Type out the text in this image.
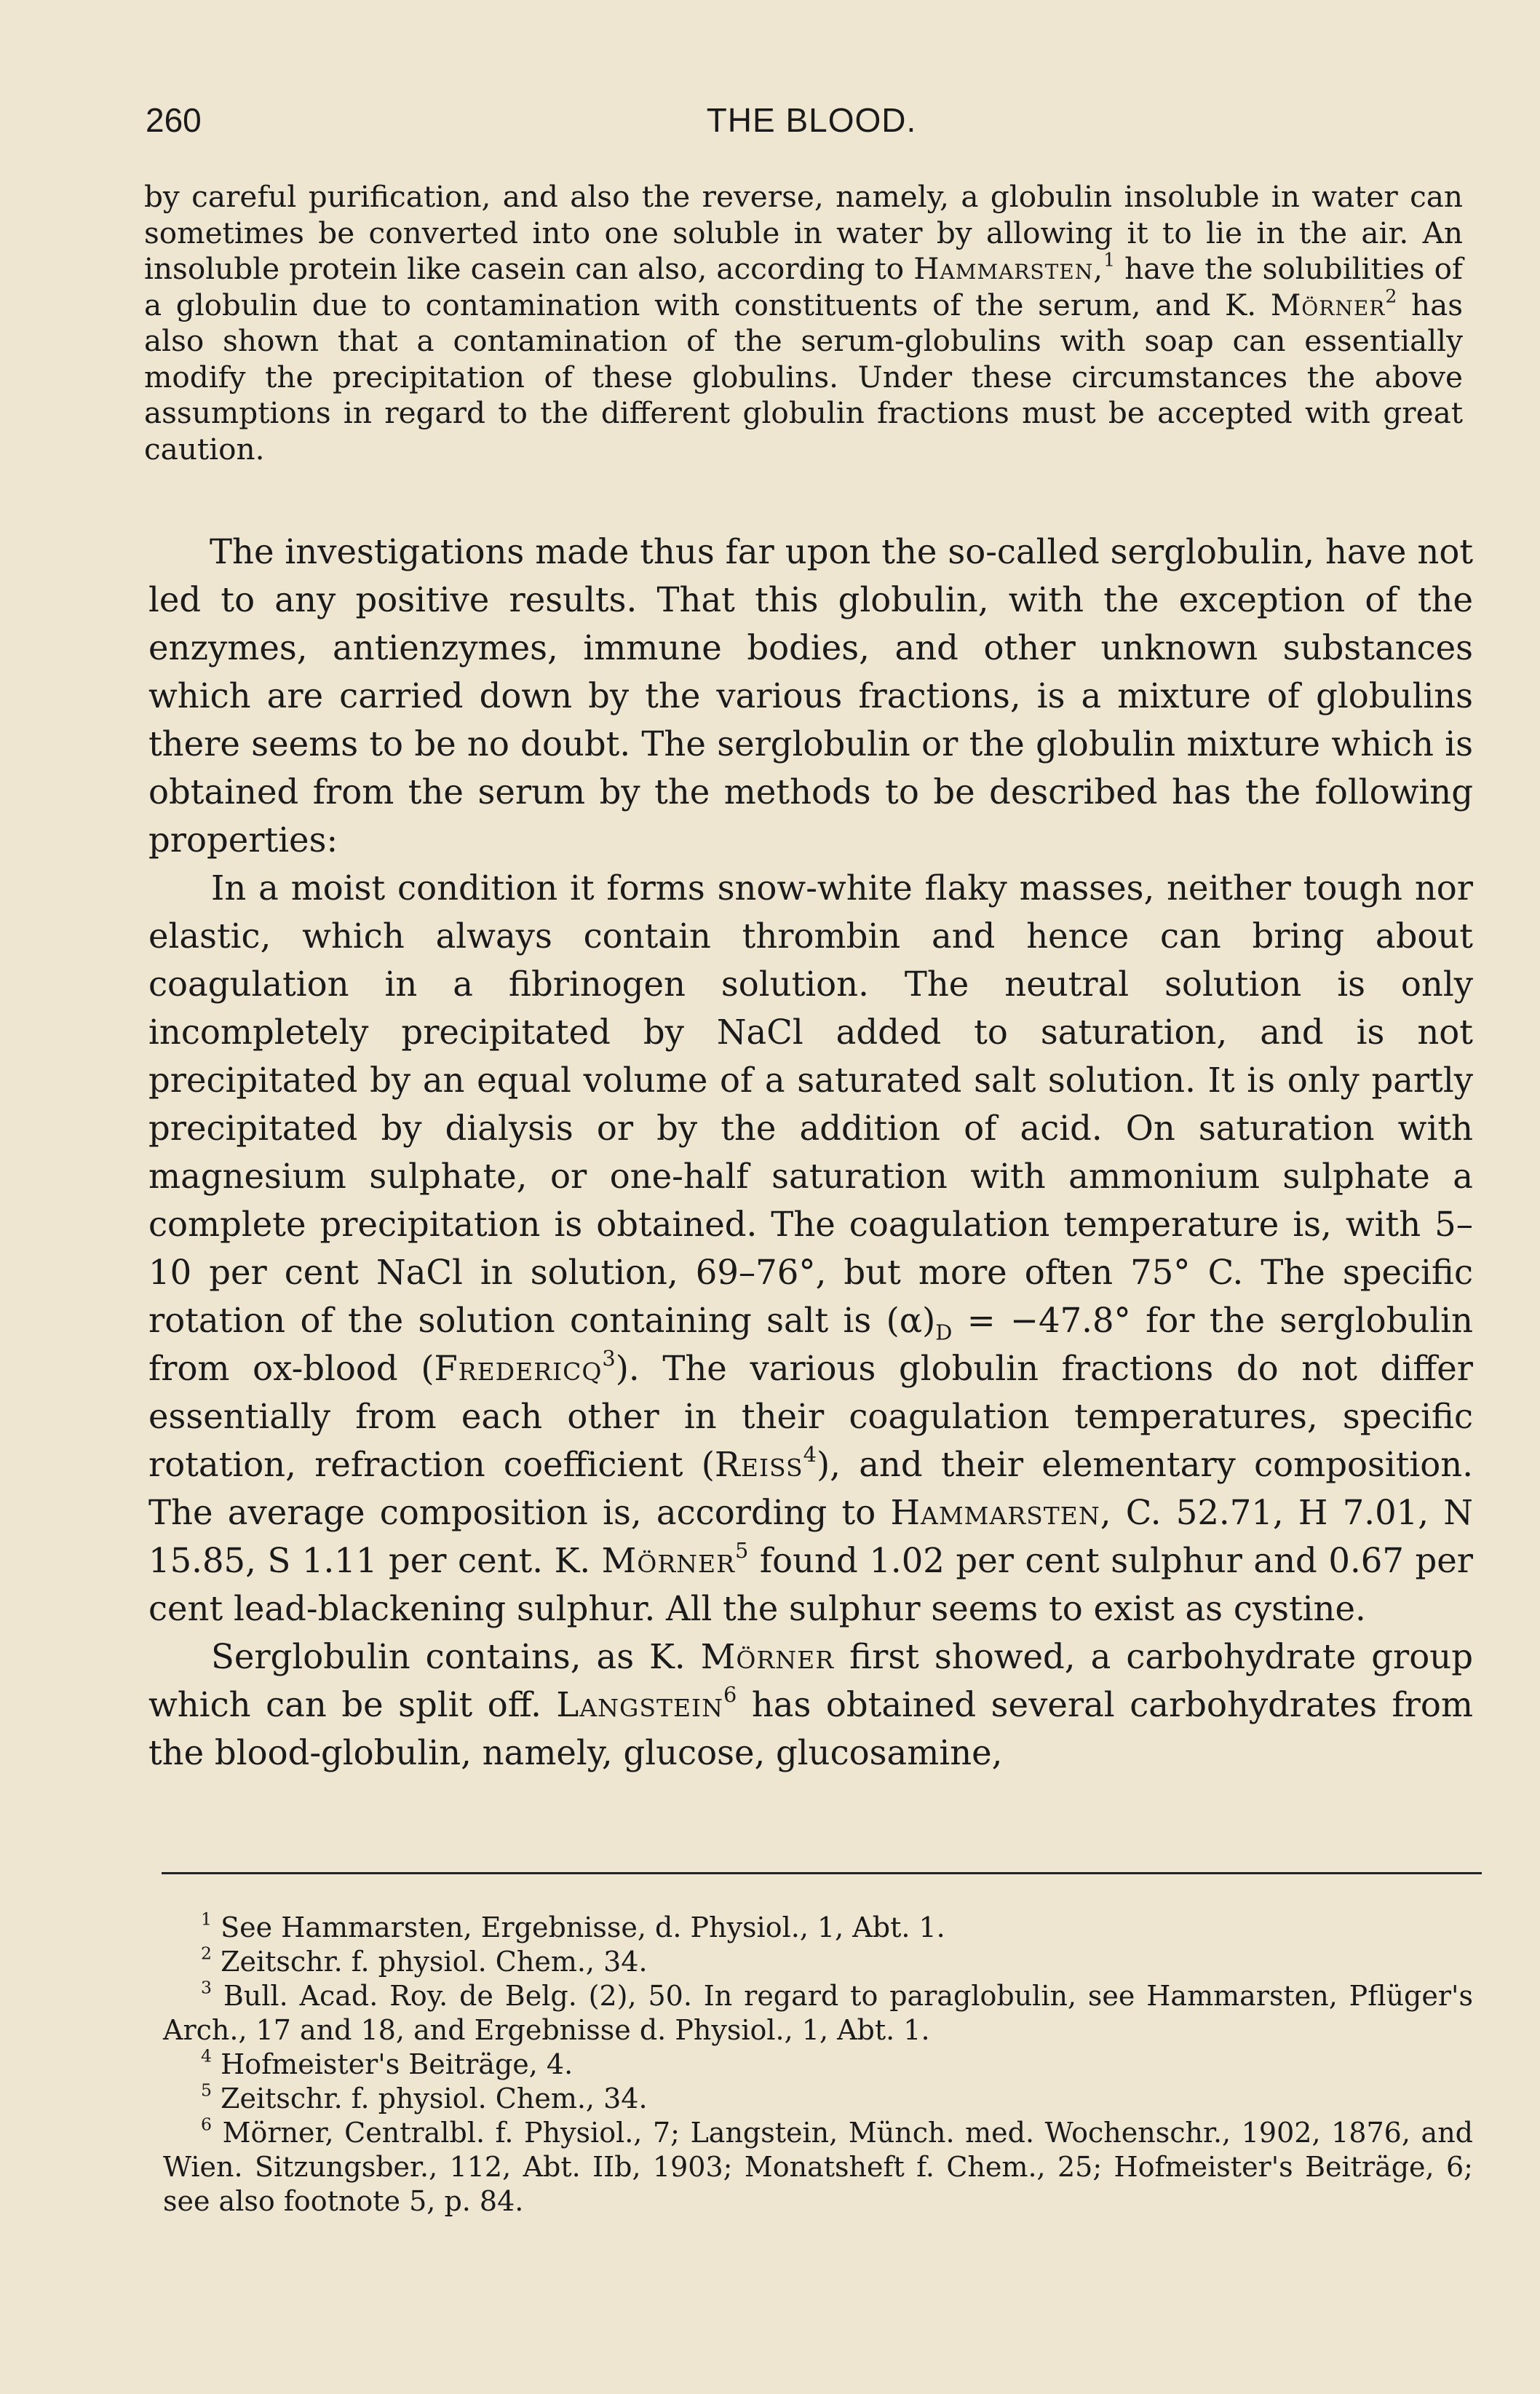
260	THE BLOOD.

by careful purification, and also the reverse, namely, a globulin insoluble in water can sometimes be converted into one soluble in water by allowing it to lie in the air. An insoluble protein like casein can also, according to Hammarsten,$^1$ have the solubilities of a globulin due to contamination with constituents of the serum, and K. Mörner$^2$ has also shown that a contamination of the serum-globulins with soap can essentially modify the precipitation of these globulins. Under these circumstances the above assumptions in regard to the different globulin fractions must be accepted with great caution.

The investigations made thus far upon the so-called serglobulin, have not led to any positive results. That this globulin, with the exception of the enzymes, antienzymes, immune bodies, and other unknown substances which are carried down by the various fractions, is a mixture of globulins there seems to be no doubt. The serglobulin or the globulin mixture which is obtained from the serum by the methods to be described has the following properties:

In a moist condition it forms snow-white flaky masses, neither tough nor elastic, which always contain thrombin and hence can bring about coagulation in a fibrinogen solution. The neutral solution is only incompletely precipitated by NaCl added to saturation, and is not precipitated by an equal volume of a saturated salt solution. It is only partly precipitated by dialysis or by the addition of acid. On saturation with magnesium sulphate, or one-half saturation with ammonium sulphate a complete precipitation is obtained. The coagulation temperature is, with 5–10 per cent NaCl in solution, 69–76°, but more often 75° C. The specific rotation of the solution containing salt is $(\alpha)_D = -47.8^\circ$ for the serglobulin from ox-blood (Fredericq$^3$). The various globulin fractions do not differ essentially from each other in their coagulation temperatures, specific rotation, refraction coefficient (Reiss$^4$), and their elementary composition. The average composition is, according to Hammarsten, C. 52.71, H 7.01, N 15.85, S 1.11 per cent. K. Mörner$^5$ found 1.02 per cent sulphur and 0.67 per cent lead-blackening sulphur. All the sulphur seems to exist as cystine.

Serglobulin contains, as K. Mörner first showed, a carbohydrate group which can be split off. Langstein$^6$ has obtained several carbohydrates from the blood-globulin, namely, glucose, glucosamine,

$^1$ See Hammarsten, Ergebnisse, d. Physiol., 1, Abt. 1.

$^2$ Zeitschr. f. physiol. Chem., 34.

$^3$ Bull. Acad. Roy. de Belg. (2), 50. In regard to paraglobulin, see Hammarsten, Pflüger's Arch., 17 and 18, and Ergebnisse d. Physiol., 1, Abt. 1.

$^4$ Hofmeister's Beiträge, 4.

$^5$ Zeitschr. f. physiol. Chem., 34.

$^6$ Mörner, Centralbl. f. Physiol., 7; Langstein, Münch. med. Wochenschr., 1902, 1876, and Wien. Sitzungsber., 112, Abt. IIb, 1903; Monatsheft f. Chem., 25; Hofmeister's Beiträge, 6; see also footnote 5, p. 84.
